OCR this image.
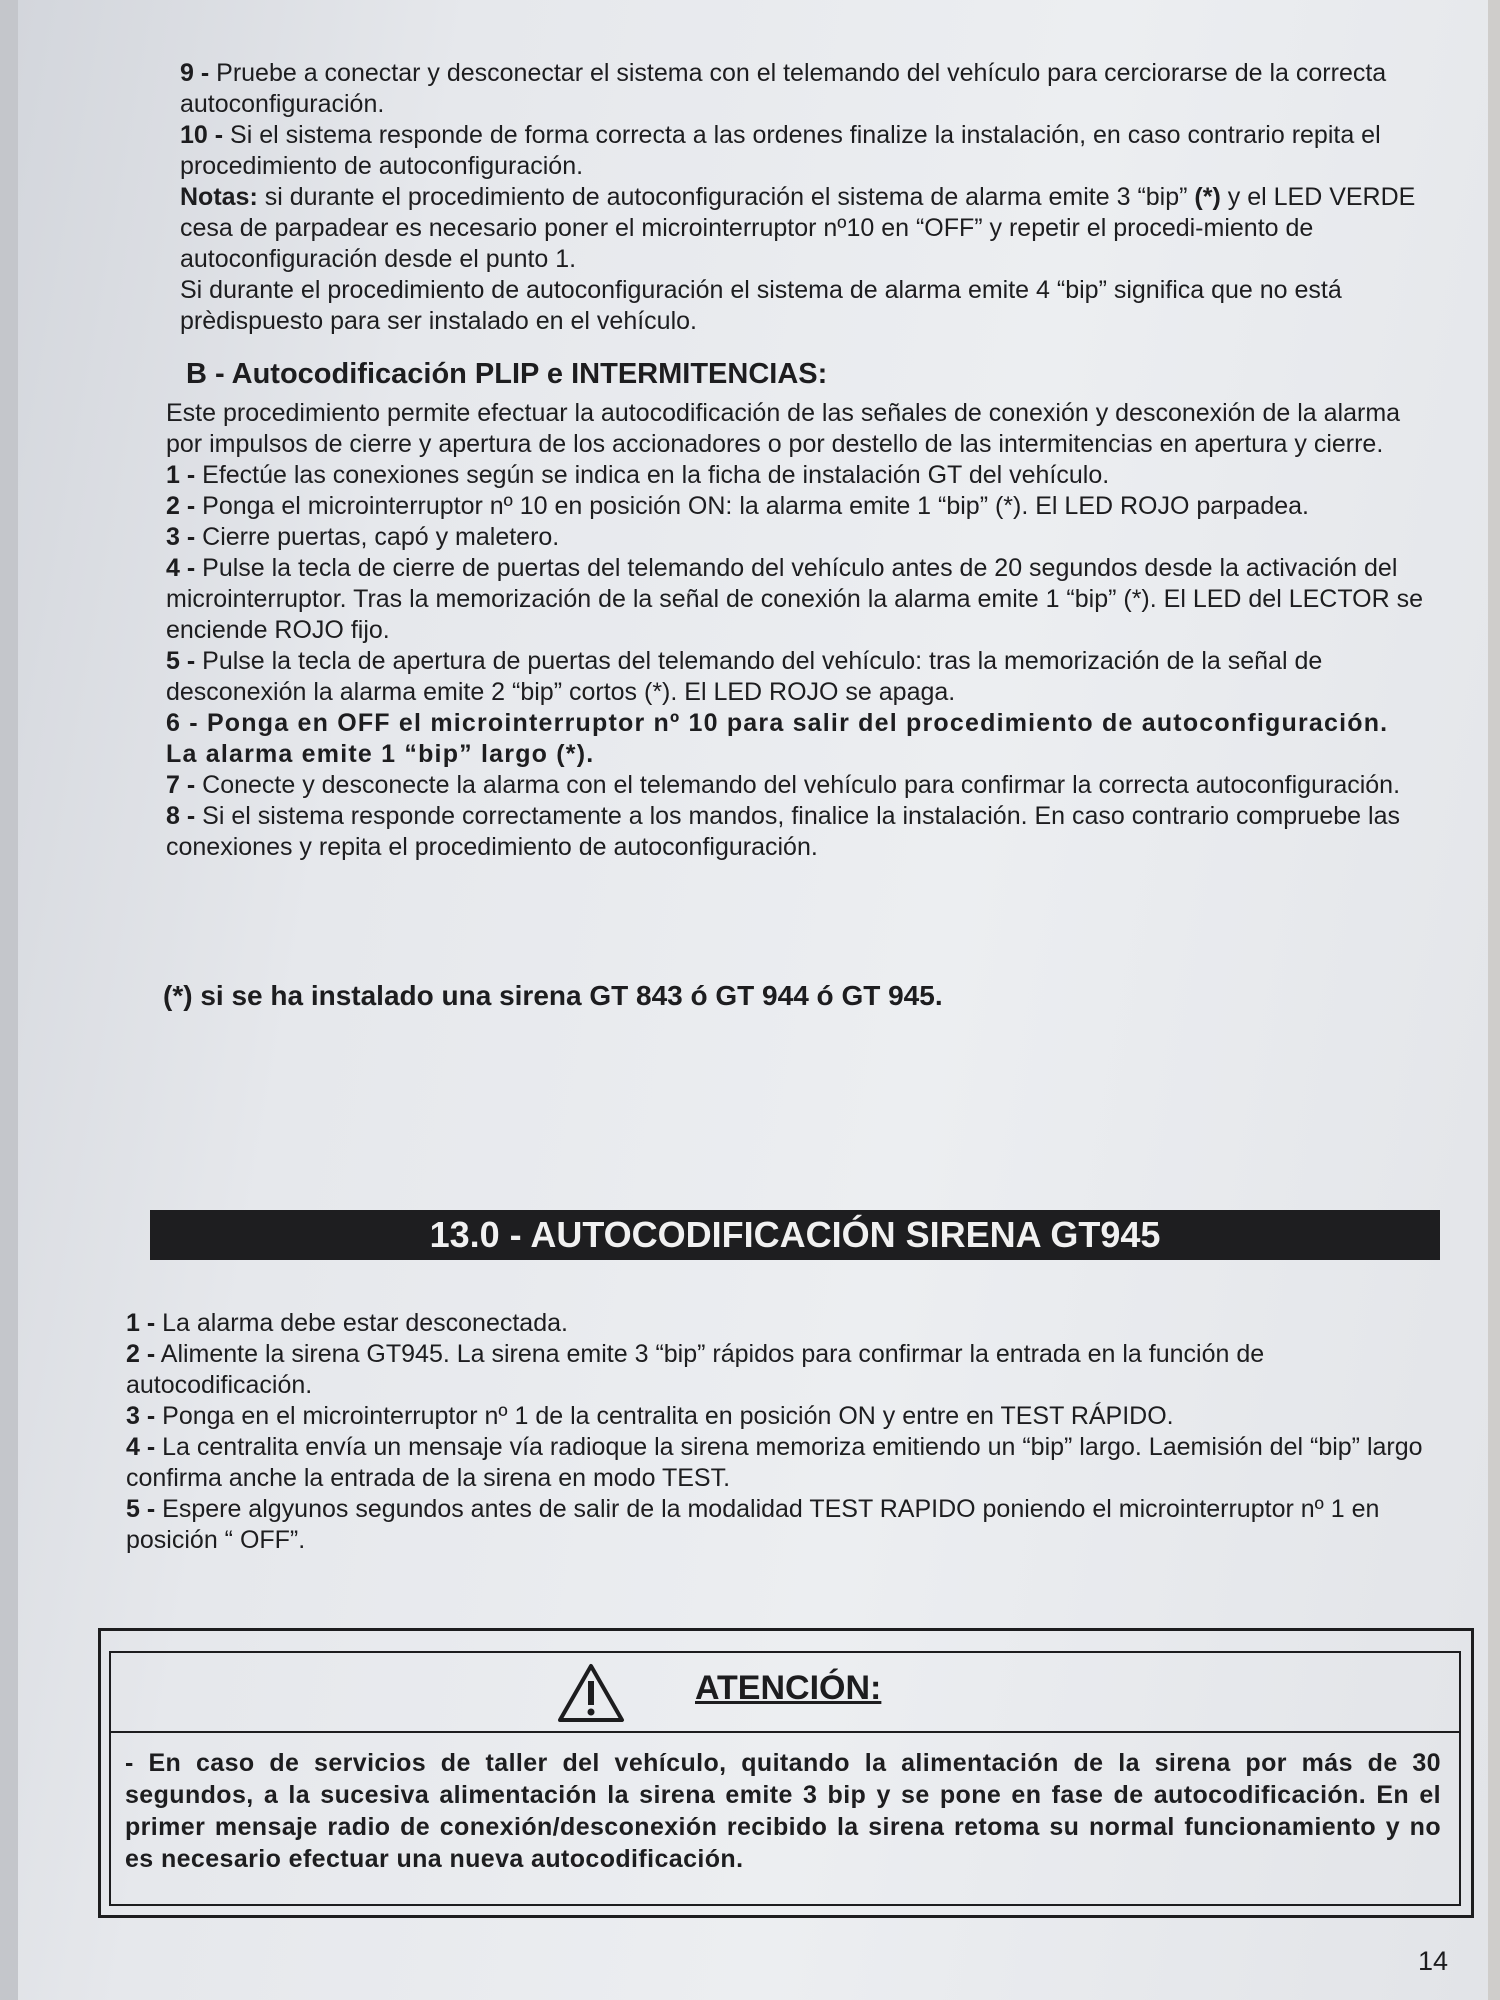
9 - Pruebe a conectar y desconectar el sistema con el telemando del vehículo para cerciorarse de la correcta autoconfiguración.

10 - Si el sistema responde de forma correcta a las ordenes finalize la instalación, en caso contrario repita el procedimiento de autoconfiguración.

Notas: si durante el procedimiento de autoconfiguración el sistema de alarma emite 3 “bip” (*) y el LED VERDE cesa de parpadear es necesario poner el microinterruptor nº10 en “OFF” y repetir el procedi-miento de autoconfiguración desde el punto 1.

Si durante el procedimiento de autoconfiguración el sistema de alarma emite 4 “bip” significa que no está prèdispuesto para ser instalado en el vehículo.

B - Autocodificación PLIP e INTERMITENCIAS:

Este procedimiento permite efectuar la autocodificación de las señales de conexión y desconexión de la alarma por impulsos de cierre y apertura de los accionadores o por destello de las intermitencias en apertura y cierre.

1 - Efectúe las conexiones según se indica en la ficha de instalación GT del vehículo.

2 - Ponga el microinterruptor nº 10 en posición ON: la alarma emite 1 “bip” (*). El LED ROJO parpadea.

3 - Cierre puertas, capó y maletero.

4 - Pulse la tecla de cierre de puertas del telemando del vehículo antes de 20 segundos desde la activación del microinterruptor. Tras la memorización de la señal de conexión la alarma emite 1 “bip” (*). El LED del LECTOR se enciende ROJO fijo.

5 - Pulse la tecla de apertura de puertas del telemando del vehículo: tras la memorización de la señal de desconexión la alarma emite 2 “bip” cortos (*). El LED ROJO se apaga.

6 - Ponga en OFF el microinterruptor nº 10 para salir del procedimiento de autoconfiguración. La alarma emite 1 “bip” largo (*).

7 - Conecte y desconecte la alarma con el telemando del vehículo para confirmar la correcta autoconfiguración.

8 - Si el sistema responde correctamente a los mandos, finalice la instalación. En caso contrario compruebe las conexiones y repita el procedimiento de autoconfiguración.

(*) si se ha instalado una sirena GT 843 ó GT 944 ó GT 945.
13.0 - AUTOCODIFICACIÓN SIRENA GT945

1 - La alarma debe estar desconectada.

2 - Alimente la sirena GT945. La sirena emite 3 “bip” rápidos para confirmar la entrada en la función de autocodificación.

3 - Ponga en el microinterruptor nº 1 de la centralita en posición ON y entre en TEST RÁPIDO.

4 - La centralita envía un mensaje vía radioque la sirena memoriza emitiendo un “bip” largo. Laemisión del “bip” largo confirma anche la entrada de la sirena en modo TEST.

5 - Espere algyunos segundos antes de salir de la modalidad TEST RAPIDO poniendo el microinterruptor nº 1 en posición “ OFF”.

ATENCIÓN:
- En caso de servicios de taller del vehículo, quitando la alimentación de la sirena por más de 30 segundos, a la sucesiva alimentación la sirena emite 3 bip y se pone en fase de autocodificación. En el primer mensaje radio de conexión/desconexión recibido la sirena retoma su normal funcionamiento y no es necesario efectuar una nueva autocodificación.
14
